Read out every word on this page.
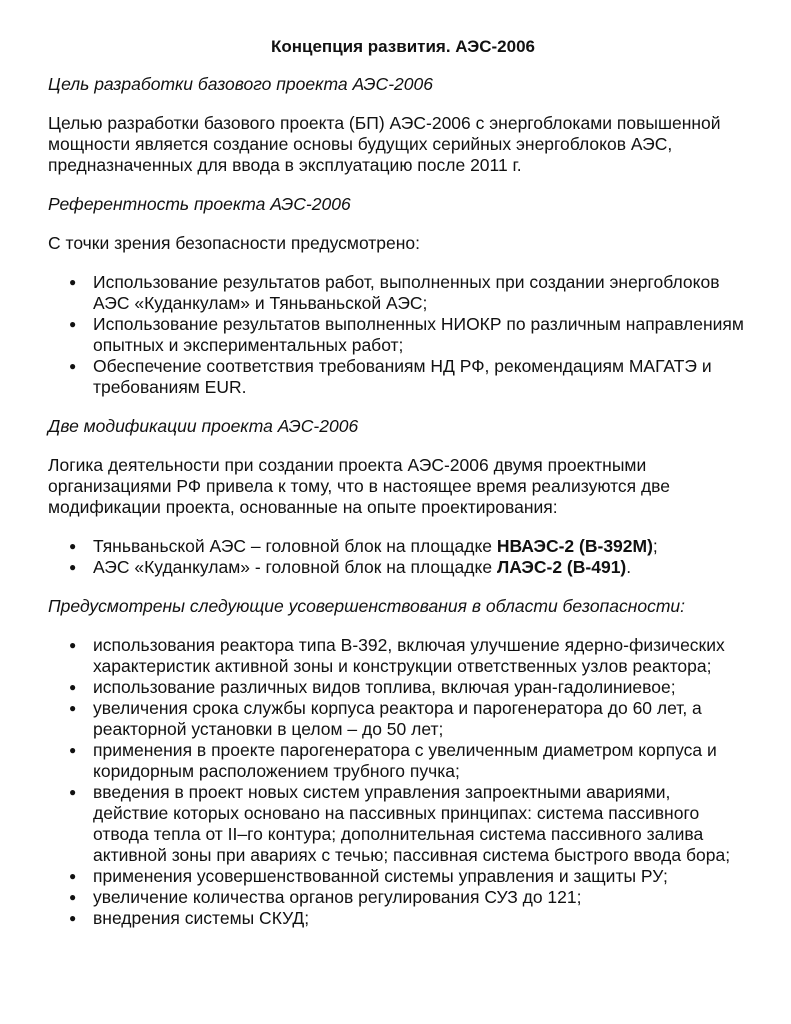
Концепция развития. АЭС-2006
Цель разработки базового проекта АЭС-2006
Целью разработки базового проекта (БП) АЭС-2006 с энергоблоками повышенной мощности является создание основы будущих серийных энергоблоков АЭС, предназначенных для ввода в эксплуатацию после 2011 г.
Референтность проекта АЭС-2006
С точки зрения безопасности предусмотрено:
● Использование результатов работ, выполненных при создании энергоблоков АЭС «Куданкулам» и Тяньваньской АЭС;
● Использование результатов выполненных НИОКР по различным направлениям опытных и экспериментальных работ;
● Обеспечение соответствия требованиям НД РФ, рекомендациям МАГАТЭ и требованиям EUR.
Две модификации проекта АЭС-2006
Логика деятельности при создании проекта АЭС-2006 двумя проектными организациями РФ привела к тому, что в настоящее время реализуются две модификации проекта, основанные на опыте проектирования:
● Тяньваньской АЭС – головной блок на площадке НВАЭС-2 (В-392М);
● АЭС «Куданкулам» - головной блок на площадке ЛАЭС-2 (В-491).
Предусмотрены следующие усовершенствования в области безопасности:
● использования реактора типа В-392, включая улучшение ядерно-физических характеристик активной зоны и конструкции ответственных узлов реактора;
● использование различных видов топлива, включая уран-гадолиниевое;
● увеличения срока службы корпуса реактора и парогенератора до 60 лет, а реакторной установки в целом – до 50 лет;
● применения в проекте парогенератора с увеличенным диаметром корпуса и коридорным расположением трубного пучка;
● введения в проект новых систем управления запроектными авариями, действие которых основано на пассивных принципах: система пассивного отвода тепла от II–го контура; дополнительная система пассивного залива активной зоны при авариях с течью; пассивная система быстрого ввода бора;
● применения усовершенствованной системы управления и защиты РУ;
● увеличение количества органов регулирования СУЗ до 121;
● внедрения системы СКУД;
